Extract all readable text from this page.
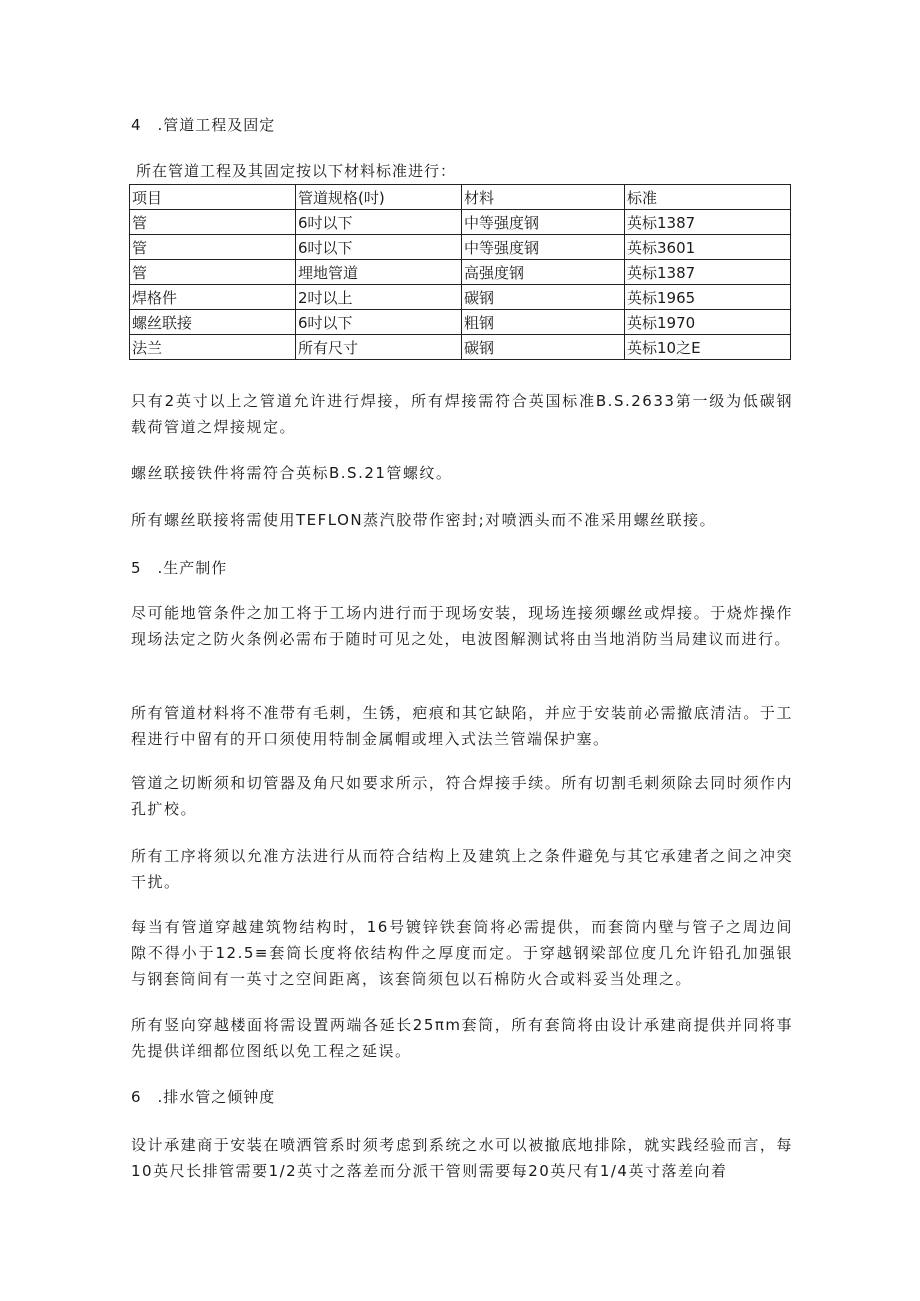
4　.管道工程及固定
所在管道工程及其固定按以下材料标准进行：
项目	管道规格(吋)	材料	标准
管	6吋以下	中等强度钢	英标1387
管	6吋以下	中等强度钢	英标3601
管	埋地管道	高强度钢	英标1387
焊格件	2吋以上	碳钢	英标1965
螺丝联接	6吋以下	粗钢	英标1970
法兰	所有尺寸	碳钢	英标10之E
只有2英寸以上之管道允许进行焊接，所有焊接需符合英国标准B.S.2633第一级为低碳钢载荷管道之焊接规定。
螺丝联接铁件将需符合英标B.S.21管螺纹。
所有螺丝联接将需使用TEFLON蒸汽胶带作密封;对喷洒头而不准采用螺丝联接。
5　.生产制作
尽可能地管条件之加工将于工场内进行而于现场安装，现场连接须螺丝或焊接。于烧炸操作现场法定之防火条例必需布于随时可见之处，电波图解测试将由当地消防当局建议而进行。
所有管道材料将不准带有毛刺，生锈，疤痕和其它缺陷，并应于安装前必需撤底清洁。于工程进行中留有的开口须使用特制金属帽或埋入式法兰管端保护塞。
管道之切断须和切管器及角尺如要求所示，符合焊接手续。所有切割毛刺须除去同时须作内孔扩校。
所有工序将须以允准方法进行从而符合结构上及建筑上之条件避免与其它承建者之间之冲突干扰。
每当有管道穿越建筑物结构时，16号镀锌铁套筒将必需提供，而套筒内壁与管子之周边间隙不得小于12.5≡套筒长度将依结构件之厚度而定。于穿越钢梁部位度几允许铅孔加强银与钢套筒间有一英寸之空间距离，该套筒须包以石棉防火合或料妥当处理之。
所有竖向穿越楼面将需设置两端各延长25πm套筒，所有套筒将由设计承建商提供并同将事先提供详细都位图纸以免工程之延误。
6　.排水管之倾钟度
设计承建商于安装在喷洒管系时须考虑到系统之水可以被撤底地排除，就实践经验而言，每10英尺长排管需要1/2英寸之落差而分派干管则需要每20英尺有1/4英寸落差向着
